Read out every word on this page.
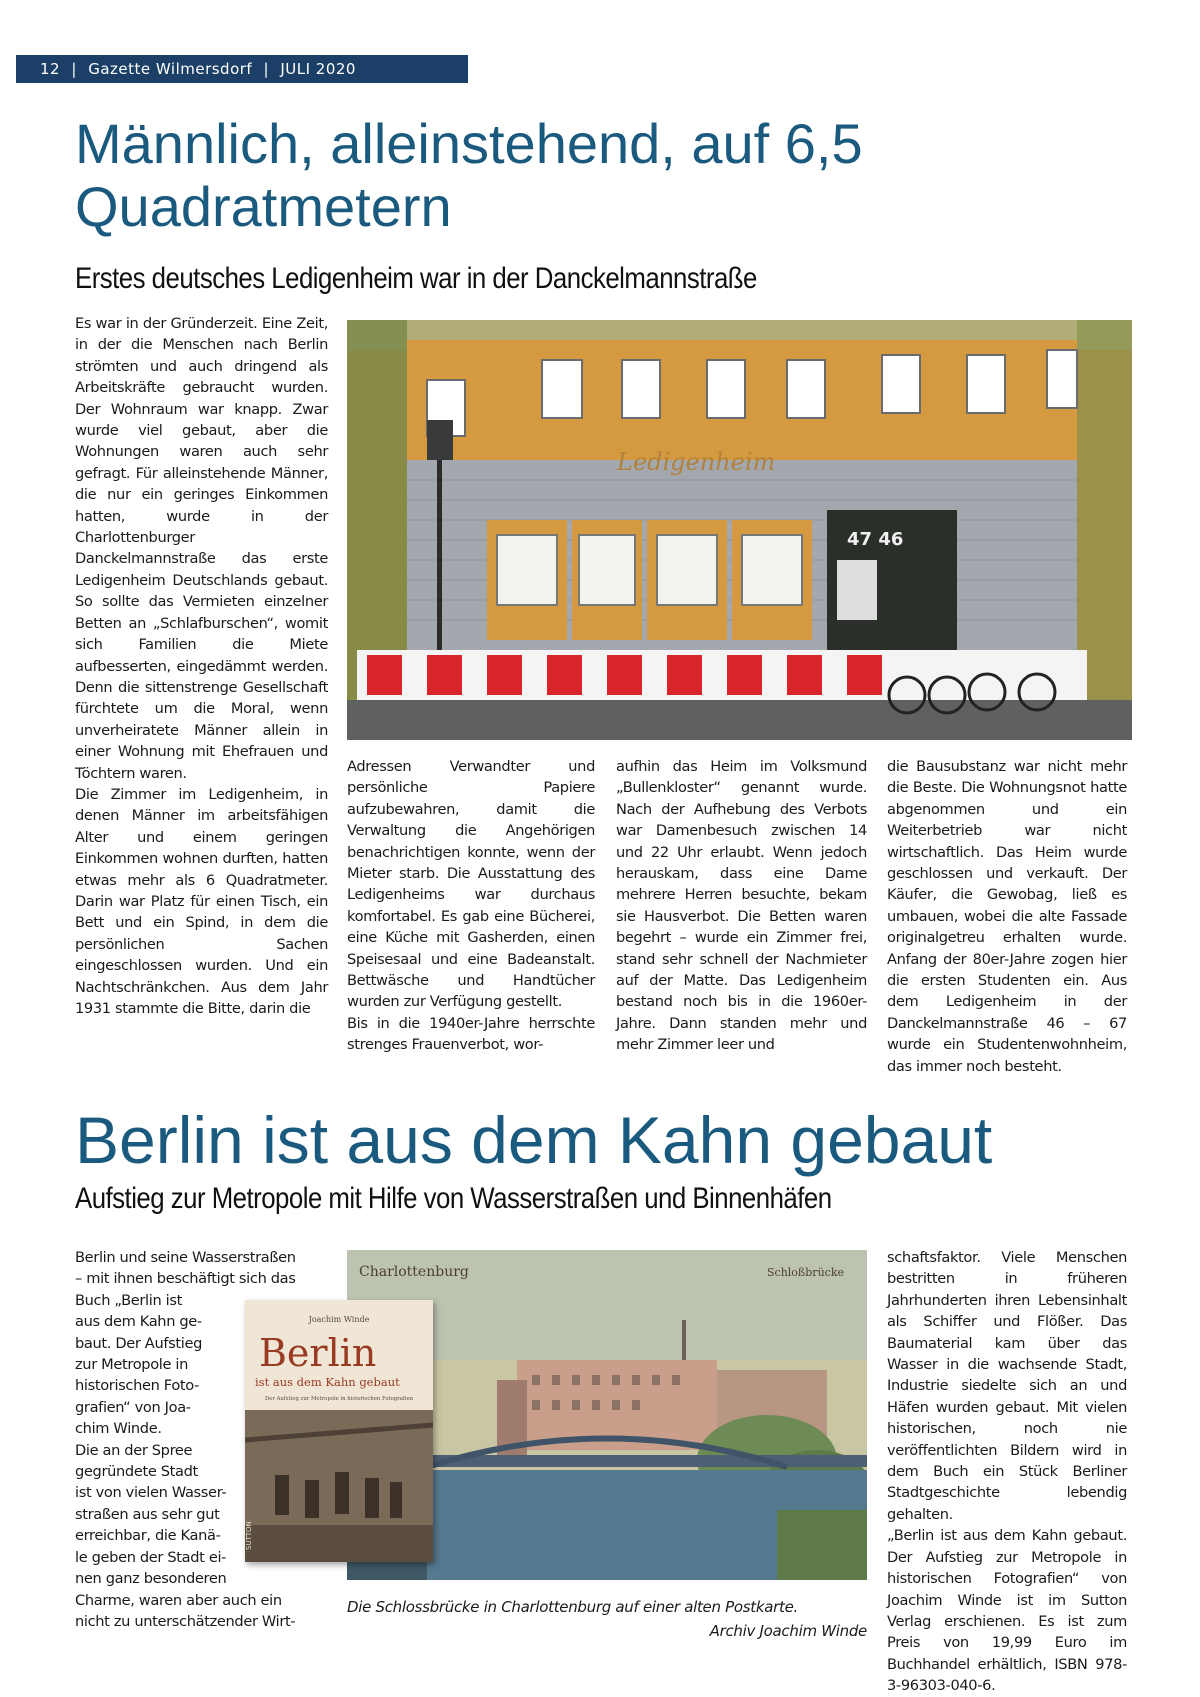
12 | Gazette Wilmersdorf | JULI 2020
Männlich, alleinstehend, auf 6,5
Quadratmetern
Erstes deutsches Ledigenheim war in der Danckelmannstraße

Es war in der Gründerzeit. Eine Zeit, in der die Menschen nach Berlin strömten und auch dringend als Arbeitskräfte gebraucht wurden. Der Wohnraum war knapp. Zwar wurde viel gebaut, aber die Wohnungen waren auch sehr gefragt. Für alleinstehende Männer, die nur ein geringes Einkommen hatten, wurde in der Charlottenburger Danckelmannstraße das erste Ledigenheim Deutschlands gebaut. So sollte das Vermieten einzelner Betten an „Schlafburschen“, womit sich Familien die Miete aufbesserten, eingedämmt werden. Denn die sittenstrenge Gesellschaft fürchtete um die Moral, wenn unverheiratete Männer allein in einer Wohnung mit Ehefrauen und Töchtern waren.

Die Zimmer im Ledigenheim, in denen Männer im arbeitsfähigen Alter und einem geringen Einkommen wohnen durften, hatten etwas mehr als 6 Quadratmeter. Darin war Platz für einen Tisch, ein Bett und ein Spind, in dem die persönlichen Sachen eingeschlossen wurden. Und ein Nachtschränkchen. Aus dem Jahr 1931 stammte die Bitte, darin die

Ledigenheim
47 46

Adressen Verwandter und persönliche Papiere aufzubewahren, damit die Verwaltung die Angehörigen benachrichtigen konnte, wenn der Mieter starb. Die Ausstattung des Ledigenheims war durchaus komfortabel. Es gab eine Bücherei, eine Küche mit Gasherden, einen Speisesaal und eine Badeanstalt. Bettwäsche und Handtücher wurden zur Verfügung gestellt.

Bis in die 1940er-Jahre herrschte strenges Frauenverbot, wor-

aufhin das Heim im Volksmund „Bullenkloster“ genannt wurde. Nach der Aufhebung des Verbots war Damenbesuch zwischen 14 und 22 Uhr erlaubt. Wenn jedoch herauskam, dass eine Dame mehrere Herren besuchte, bekam sie Hausverbot. Die Betten waren begehrt – wurde ein Zimmer frei, stand sehr schnell der Nachmieter auf der Matte. Das Ledigenheim bestand noch bis in die 1960er-Jahre. Dann standen mehr und mehr Zimmer leer und

die Bausubstanz war nicht mehr die Beste. Die Wohnungsnot hatte abgenommen und ein Weiterbetrieb war nicht wirtschaftlich. Das Heim wurde geschlossen und verkauft. Der Käufer, die Gewobag, ließ es umbauen, wobei die alte Fassade originalgetreu erhalten wurde. Anfang der 80er-Jahre zogen hier die ersten Studenten ein. Aus dem Ledigenheim in der Danckelmannstraße 46 – 67 wurde ein Studentenwohnheim, das immer noch besteht.

Berlin ist aus dem Kahn gebaut
Aufstieg zur Metropole mit Hilfe von Wasserstraßen und Binnenhäfen

Berlin und seine Wasserstraßen

– mit ihnen beschäftigt sich das

Buch „Berlin ist

aus dem Kahn ge-

baut. Der Aufstieg

zur Metropole in

historischen Foto-

grafien“ von Joa-

chim Winde.

Die an der Spree

gegründete Stadt

ist von vielen Wasser-

straßen aus sehr gut

erreichbar, die Kanä-

le geben der Stadt ei-

nen ganz besonderen

Charme, waren aber auch ein

nicht zu unterschätzender Wirt-

Charlottenburg	Schloßbrücke
Joachim Winde
Berlin
ist aus dem Kahn gebaut
Der Aufstieg zur Metropole in historischen Fotografien
SUTTON

Die Schlossbrücke in Charlottenburg auf einer alten Postkarte.

Archiv Joachim Winde

schaftsfaktor. Viele Menschen bestritten in früheren Jahrhunderten ihren Lebensinhalt als Schiffer und Flößer. Das Baumaterial kam über das Wasser in die wachsende Stadt, Industrie siedelte sich an und Häfen wurden gebaut. Mit vielen historischen, noch nie veröffentlichten Bildern wird in dem Buch ein Stück Berliner Stadtgeschichte lebendig gehalten.

„Berlin ist aus dem Kahn gebaut. Der Aufstieg zur Metropole in historischen Fotografien“ von Joachim Winde ist im Sutton Verlag erschienen. Es ist zum Preis von 19,99 Euro im Buchhandel erhältlich, ISBN 978-3-96303-040-6.
